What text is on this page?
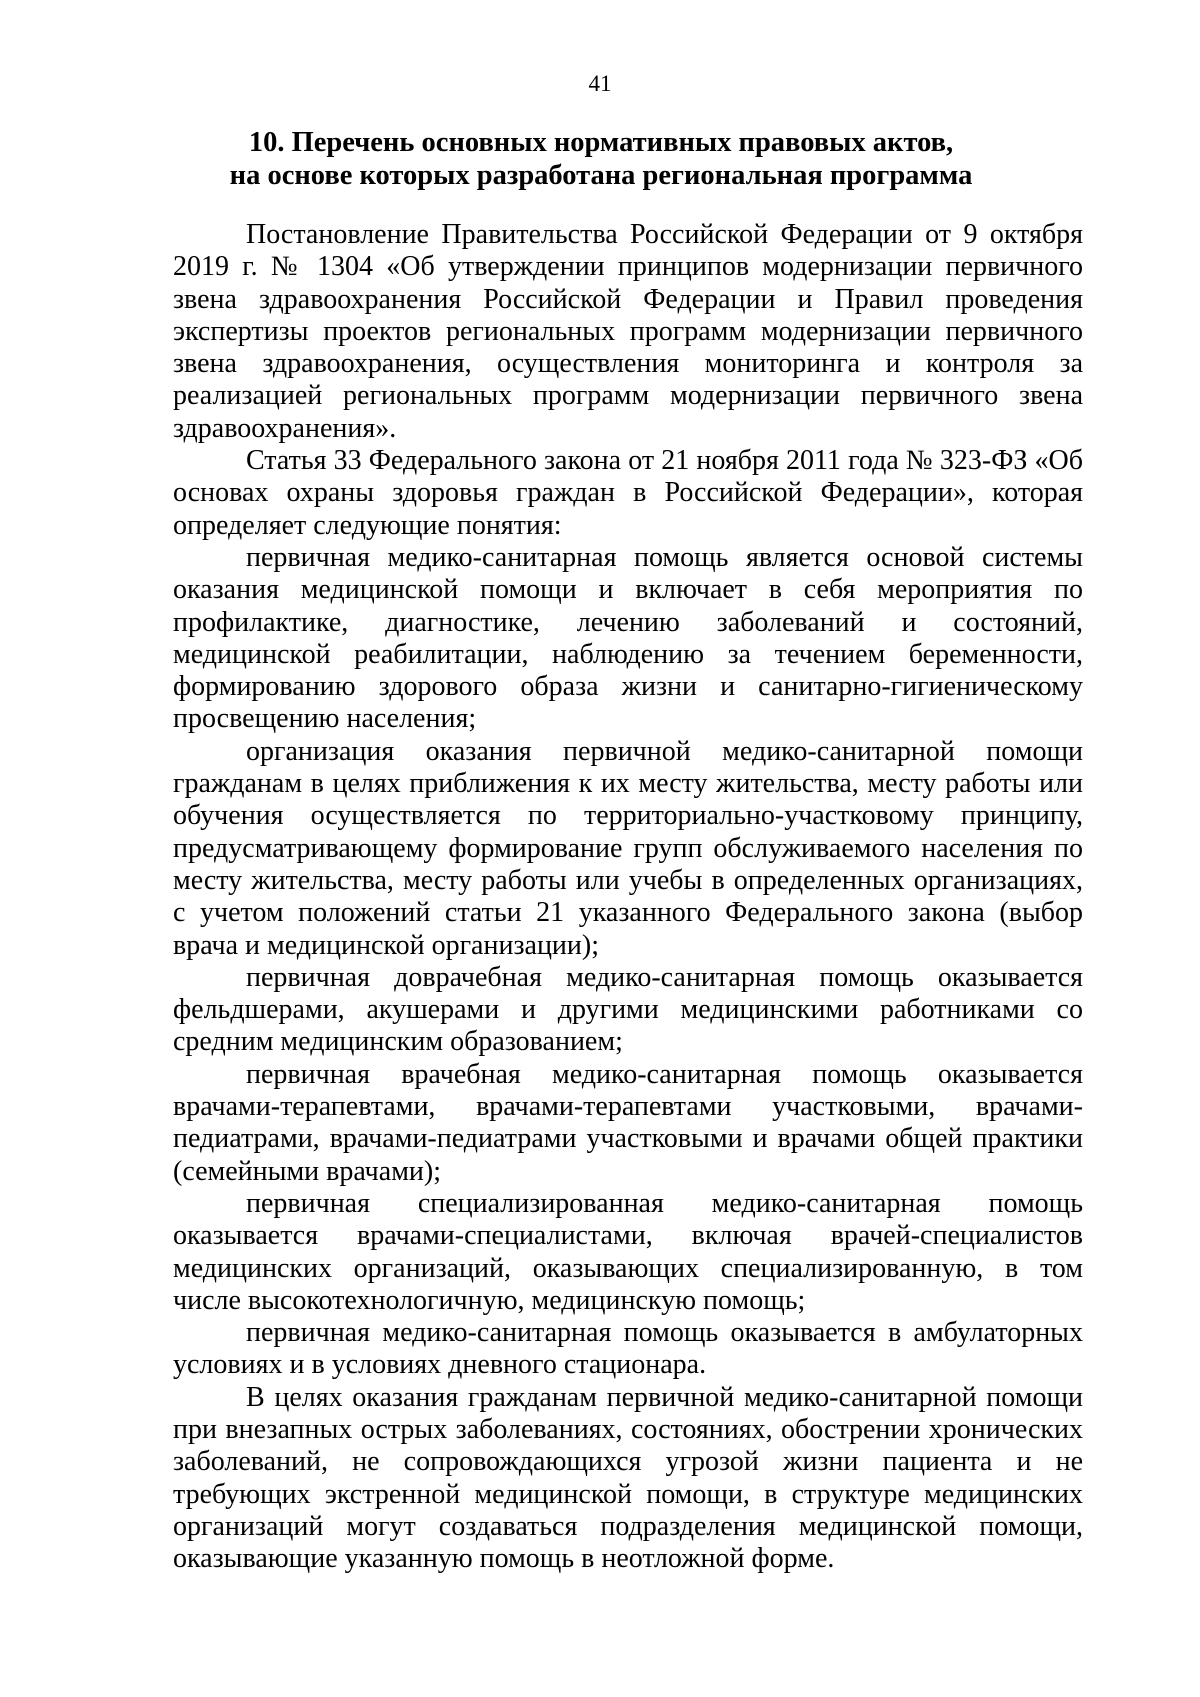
41
10. Перечень основных нормативных правовых актов,
на основе которых разработана региональная программа

Постановление Правительства Российской Федерации от 9 октября 2019 г. № 1304 «Об утверждении принципов модернизации первичного звена здравоохранения Российской Федерации и Правил проведения экспертизы проектов региональных программ модернизации первичного звена здравоохранения, осуществления мониторинга и контроля за реализацией региональных программ модернизации первичного звена здравоохранения».

Статья 33 Федерального закона от 21 ноября 2011 года № 323-ФЗ «Об основах охраны здоровья граждан в Российской Федерации», которая определяет следующие понятия:

первичная медико-санитарная помощь является основой системы оказания медицинской помощи и включает в себя мероприятия по профилактике, диагностике, лечению заболеваний и состояний, медицинской реабилитации, наблюдению за течением беременности, формированию здорового образа жизни и санитарно-гигиеническому просвещению населения;

организация оказания первичной медико-санитарной помощи гражданам в целях приближения к их месту жительства, месту работы или обучения осуществляется по территориально-участковому принципу, предусматривающему формирование групп обслуживаемого населения по месту жительства, месту работы или учебы в определенных организациях, с учетом положений статьи 21 указанного Федерального закона (выбор врача и медицинской организации);

первичная доврачебная медико-санитарная помощь оказывается фельдшерами, акушерами и другими медицинскими работниками со средним медицинским образованием;

первичная врачебная медико-санитарная помощь оказывается врачами-терапевтами, врачами-терапевтами участковыми, врачами-педиатрами, врачами-педиатрами участковыми и врачами общей практики (семейными врачами);

первичная специализированная медико-санитарная помощь оказывается врачами-специалистами, включая врачей-специалистов медицинских организаций, оказывающих специализированную, в том числе высокотехнологичную, медицинскую помощь;

первичная медико-санитарная помощь оказывается в амбулаторных условиях и в условиях дневного стационара.

В целях оказания гражданам первичной медико-санитарной помощи при внезапных острых заболеваниях, состояниях, обострении хронических заболеваний, не сопровождающихся угрозой жизни пациента и не требующих экстренной медицинской помощи, в структуре медицинских организаций могут создаваться подразделения медицинской помощи, оказывающие указанную помощь в неотложной форме.
